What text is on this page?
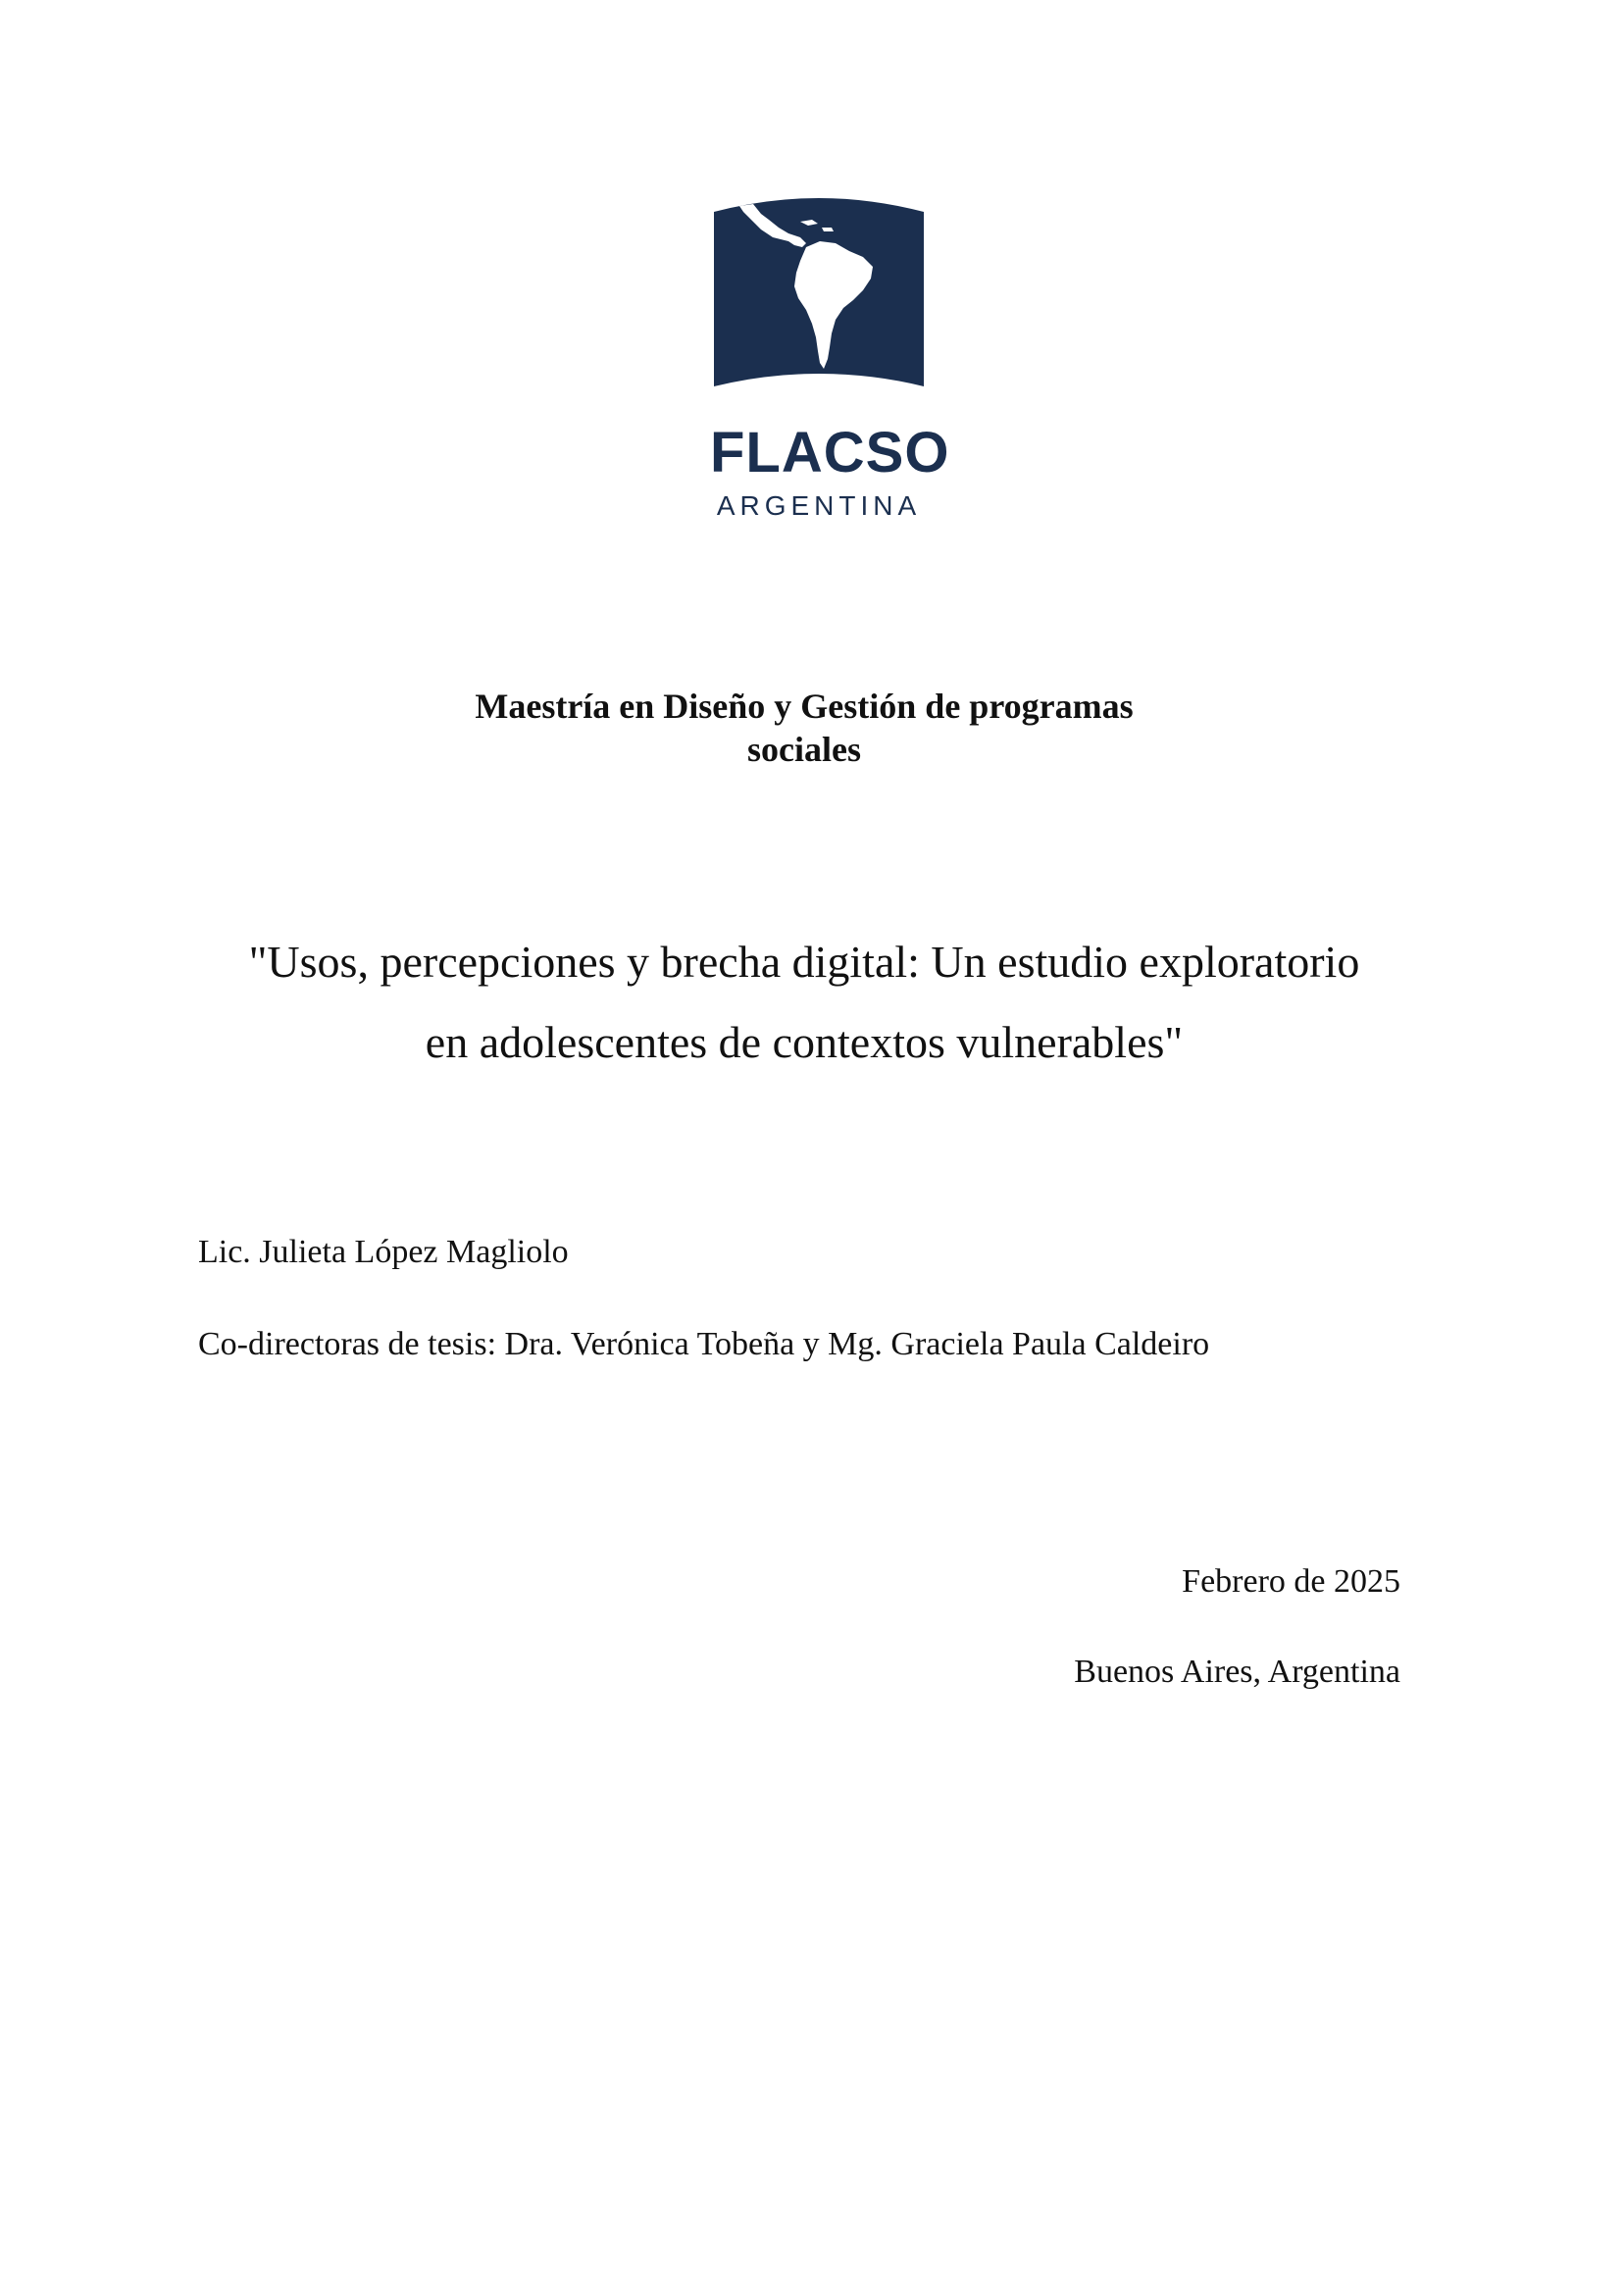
FLACSO
ARGENTINA
Maestría en Diseño y Gestión de programas
sociales
"Usos, percepciones y brecha digital: Un estudio exploratorio
en adolescentes de contextos vulnerables"
Lic. Julieta López Magliolo
Co-directoras de tesis: Dra. Verónica Tobeña y Mg. Graciela Paula Caldeiro
Febrero de 2025
Buenos Aires, Argentina
